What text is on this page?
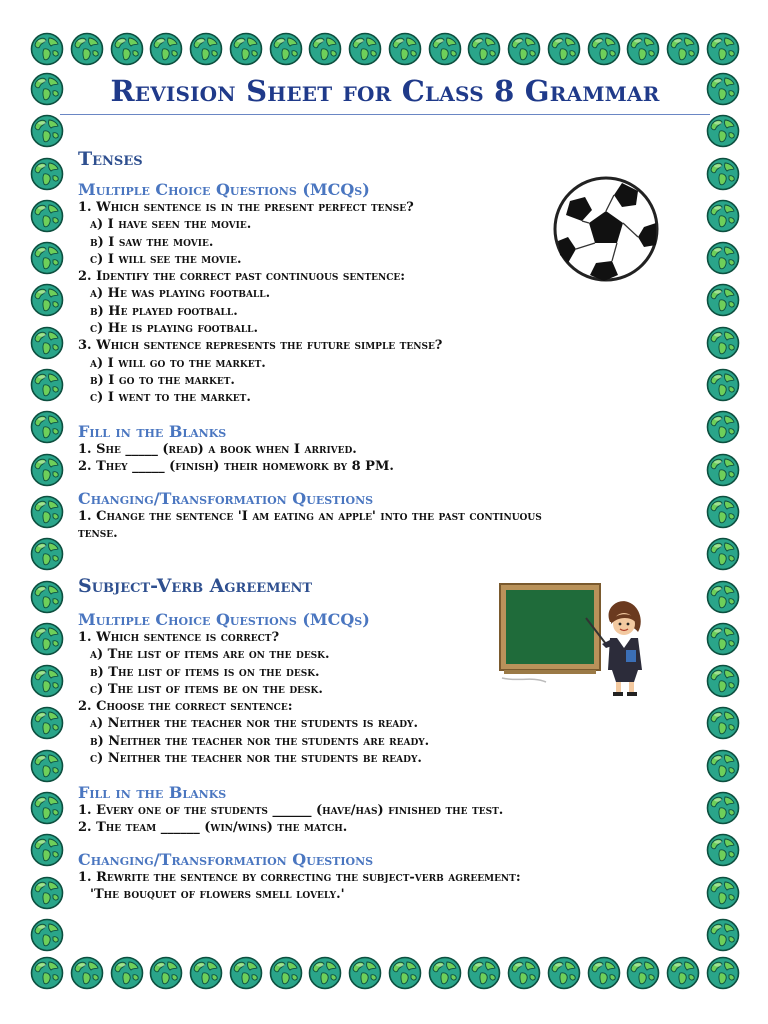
Revision Sheet for Class 8 Grammar
Tenses
Multiple Choice Questions (MCQs)

1. Which sentence is in the present perfect tense?

a) I have seen the movie.

b) I saw the movie.

c) I will see the movie.

2. Identify the correct past continuous sentence:

a) He was playing football.

b) He played football.

c) He is playing football.

3. Which sentence represents the future simple tense?

a) I will go to the market.

b) I go to the market.

c) I went to the market.

Fill in the Blanks

1. She _____ (read) a book when I arrived.

2. They _____ (finish) their homework by 8 PM.

Changing/Transformation Questions

1. Change the sentence 'I am eating an apple' into the past continuous

tense.

Subject-Verb Agreement
Multiple Choice Questions (MCQs)

1. Which sentence is correct?

a) The list of items are on the desk.

b) The list of items is on the desk.

c) The list of items be on the desk.

2. Choose the correct sentence:

a) Neither the teacher nor the students is ready.

b) Neither the teacher nor the students are ready.

c) Neither the teacher nor the students be ready.

Fill in the Blanks

1. Every one of the students ______ (have/has) finished the test.

2. The team ______ (win/wins) the match.

Changing/Transformation Questions

1. Rewrite the sentence by correcting the subject-verb agreement:

'The bouquet of flowers smell lovely.'
